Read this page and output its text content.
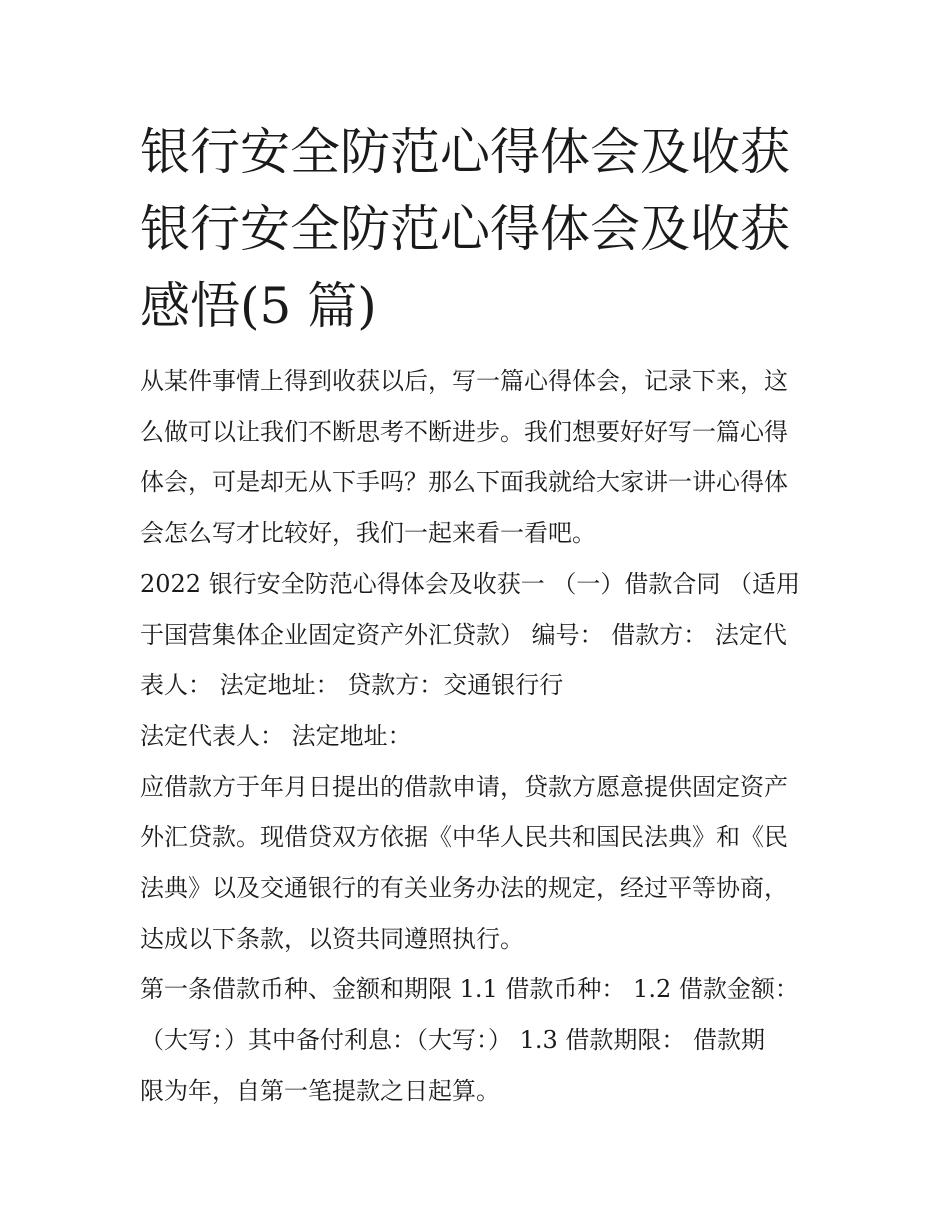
银行安全防范心得体会及收获
银行安全防范心得体会及收获
感悟(5 篇)

从某件事情上得到收获以后，写一篇心得体会，记录下来，这
么做可以让我们不断思考不断进步。我们想要好好写一篇心得
体会，可是却无从下手吗？那么下面我就给大家讲一讲心得体
会怎么写才比较好，我们一起来看一看吧。

2022 银行安全防范心得体会及收获一 （一）借款合同 （适用
于国营集体企业固定资产外汇贷款） 编号： 借款方： 法定代
表人： 法定地址： 贷款方：交通银行行

法定代表人： 法定地址：

应借款方于年月日提出的借款申请，贷款方愿意提供固定资产
外汇贷款。现借贷双方依据《中华人民共和国民法典》和《民
法典》以及交通银行的有关业务办法的规定，经过平等协商，
达成以下条款，以资共同遵照执行。

第一条借款币种、金额和期限 1.1 借款币种： 1.2 借款金额：
（大写：）其中备付利息：（大写：） 1.3 借款期限： 借款期
限为年，自第一笔提款之日起算。
